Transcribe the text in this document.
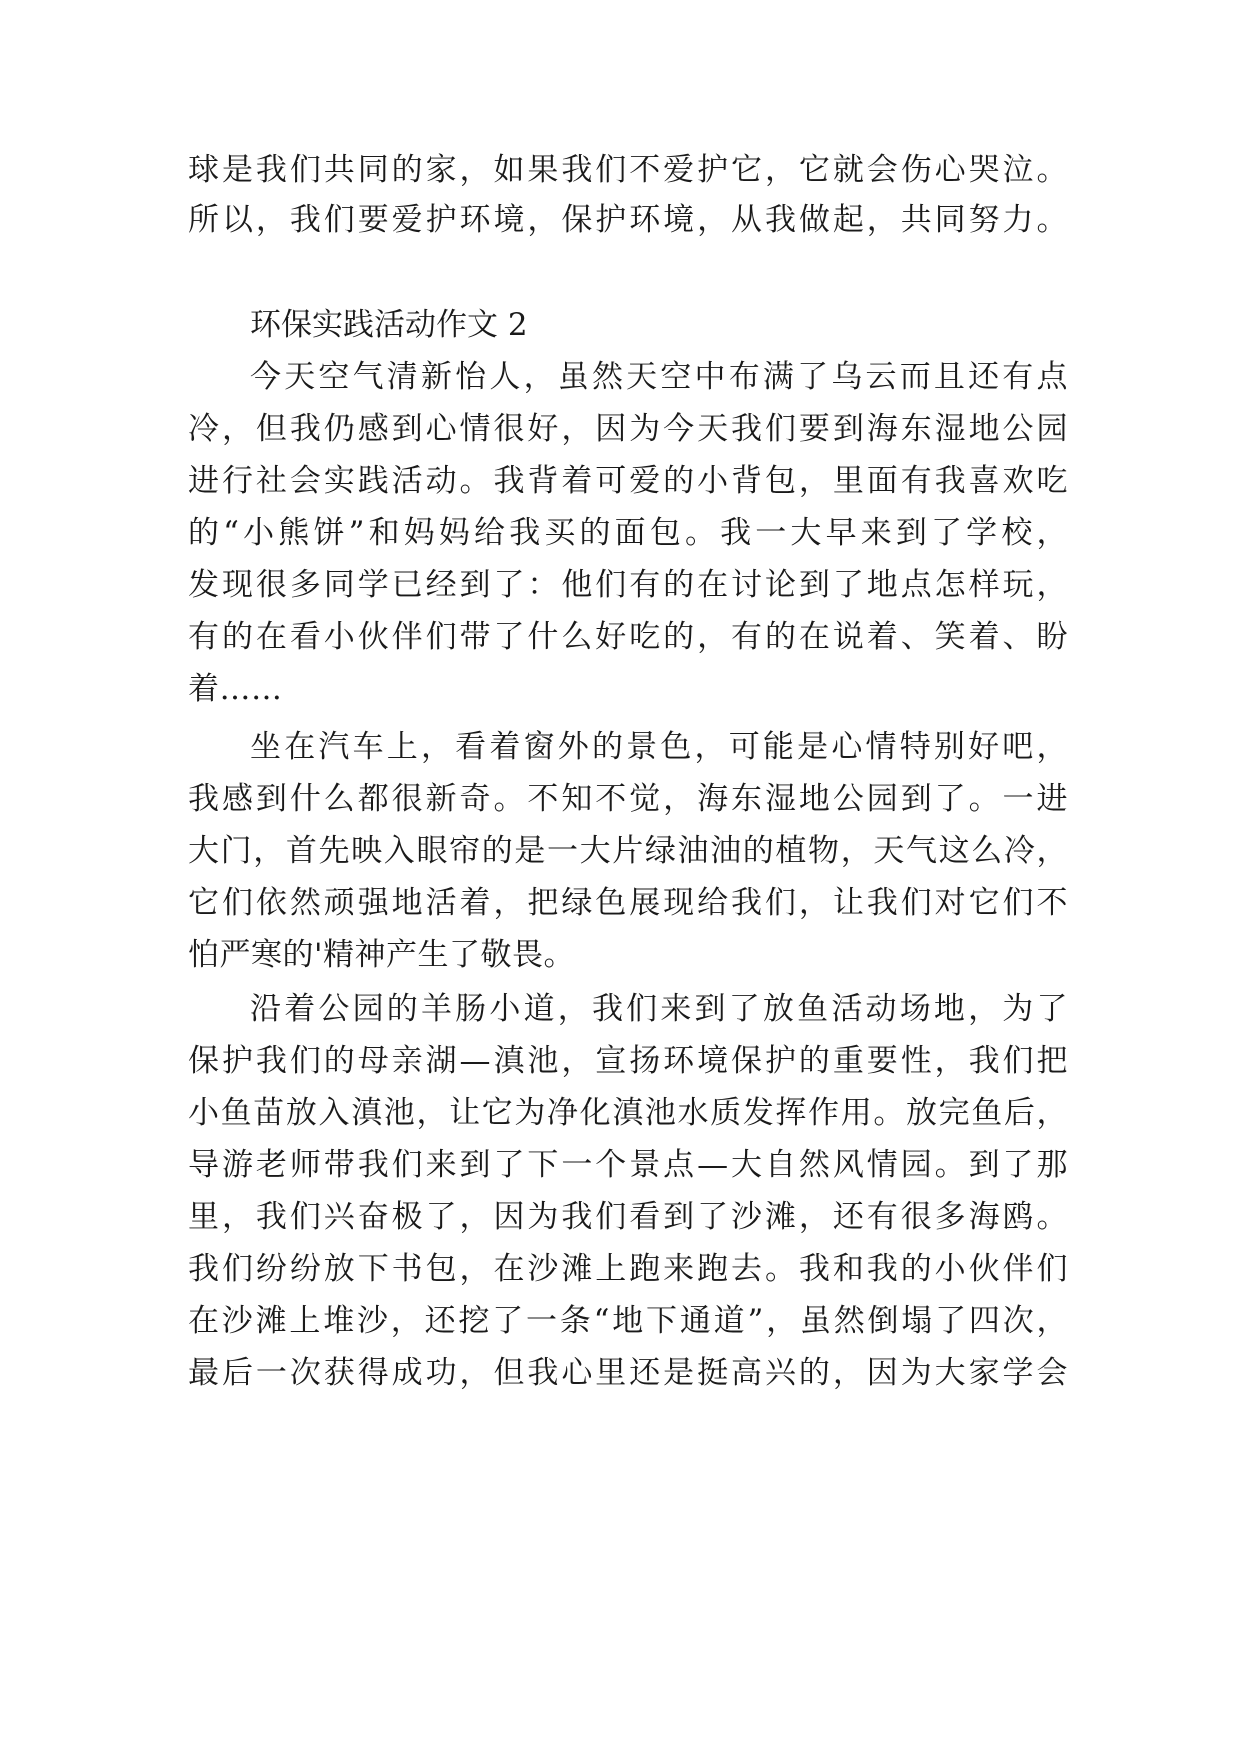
球是我们共同的家，如果我们不爱护它，它就会伤心哭泣。
所以，我们要爱护环境，保护环境，从我做起，共同努力。
环保实践活动作文 2
今天空气清新怡人，虽然天空中布满了乌云而且还有点
冷，但我仍感到心情很好，因为今天我们要到海东湿地公园
进行社会实践活动。我背着可爱的小背包，里面有我喜欢吃
的“小熊饼”和妈妈给我买的面包。我一大早来到了学校，
发现很多同学已经到了：他们有的在讨论到了地点怎样玩，
有的在看小伙伴们带了什么好吃的，有的在说着、笑着、盼
着……
坐在汽车上，看着窗外的景色，可能是心情特别好吧，
我感到什么都很新奇。不知不觉，海东湿地公园到了。一进
大门，首先映入眼帘的是一大片绿油油的植物，天气这么冷，
它们依然顽强地活着，把绿色展现给我们，让我们对它们不
怕严寒的'精神产生了敬畏。
沿着公园的羊肠小道，我们来到了放鱼活动场地，为了
保护我们的母亲湖—滇池，宣扬环境保护的重要性，我们把
小鱼苗放入滇池，让它为净化滇池水质发挥作用。放完鱼后，
导游老师带我们来到了下一个景点—大自然风情园。到了那
里，我们兴奋极了，因为我们看到了沙滩，还有很多海鸥。
我们纷纷放下书包，在沙滩上跑来跑去。我和我的小伙伴们
在沙滩上堆沙，还挖了一条“地下通道”，虽然倒塌了四次，
最后一次获得成功，但我心里还是挺高兴的，因为大家学会
